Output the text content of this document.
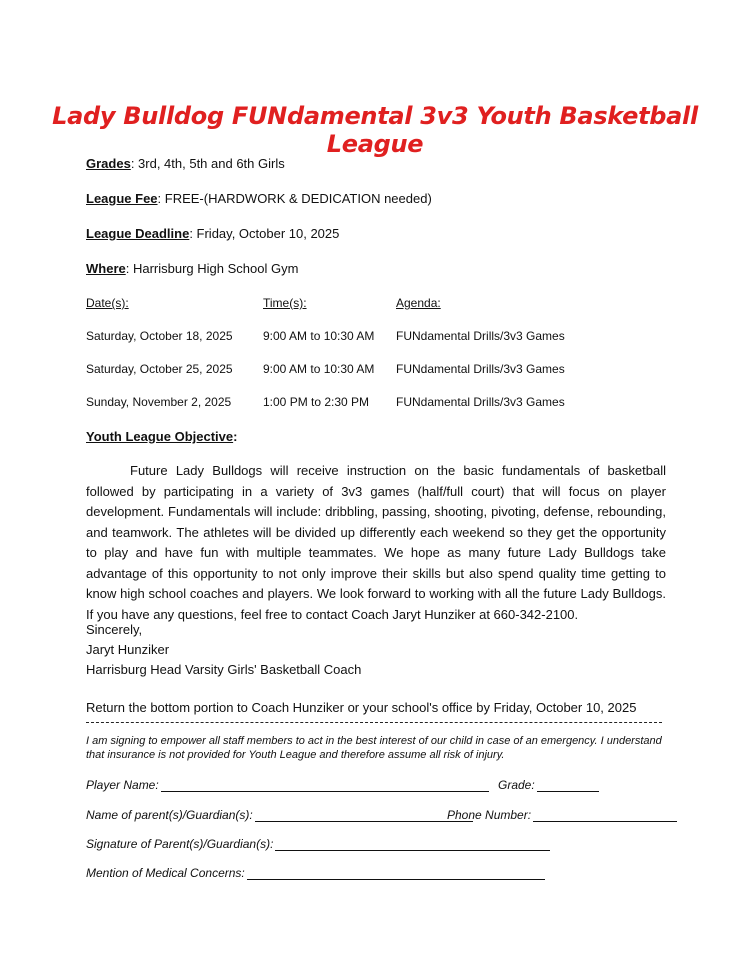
Lady Bulldog FUNdamental 3v3 Youth Basketball League
Grades: 3rd, 4th, 5th and 6th Girls
League Fee: FREE-(HARDWORK & DEDICATION needed)
League Deadline: Friday, October 10, 2025
Where: Harrisburg High School Gym
Date(s):	Time(s):	Agenda:
Saturday, October 18, 2025	9:00 AM to 10:30 AM FUNdamental Drills/3v3 Games
Saturday, October 25, 2025	9:00 AM to 10:30 AM FUNdamental Drills/3v3 Games
Sunday, November 2, 2025	1:00 PM to 2:30 PM FUNdamental Drills/3v3 Games
Youth League Objective:
Future Lady Bulldogs will receive instruction on the basic fundamentals of basketball followed by participating in a variety of 3v3 games (half/full court) that will focus on player development. Fundamentals will include: dribbling, passing, shooting, pivoting, defense, rebounding, and teamwork. The athletes will be divided up differently each weekend so they get the opportunity to play and have fun with multiple teammates. We hope as many future Lady Bulldogs take advantage of this opportunity to not only improve their skills but also spend quality time getting to know high school coaches and players. We look forward to working with all the future Lady Bulldogs. If you have any questions, feel free to contact Coach Jaryt Hunziker at 660-342-2100.
Sincerely,
Jaryt Hunziker
Harrisburg Head Varsity Girls' Basketball Coach
Return the bottom portion to Coach Hunziker or your school's office by Friday, October 10, 2025
I am signing to empower all staff members to act in the best interest of our child in case of an emergency. I understand that insurance is not provided for Youth League and therefore assume all risk of injury.
Player Name:	Grade:
Name of parent(s)/Guardian(s):	Phone Number:
Signature of Parent(s)/Guardian(s):
Mention of Medical Concerns:
